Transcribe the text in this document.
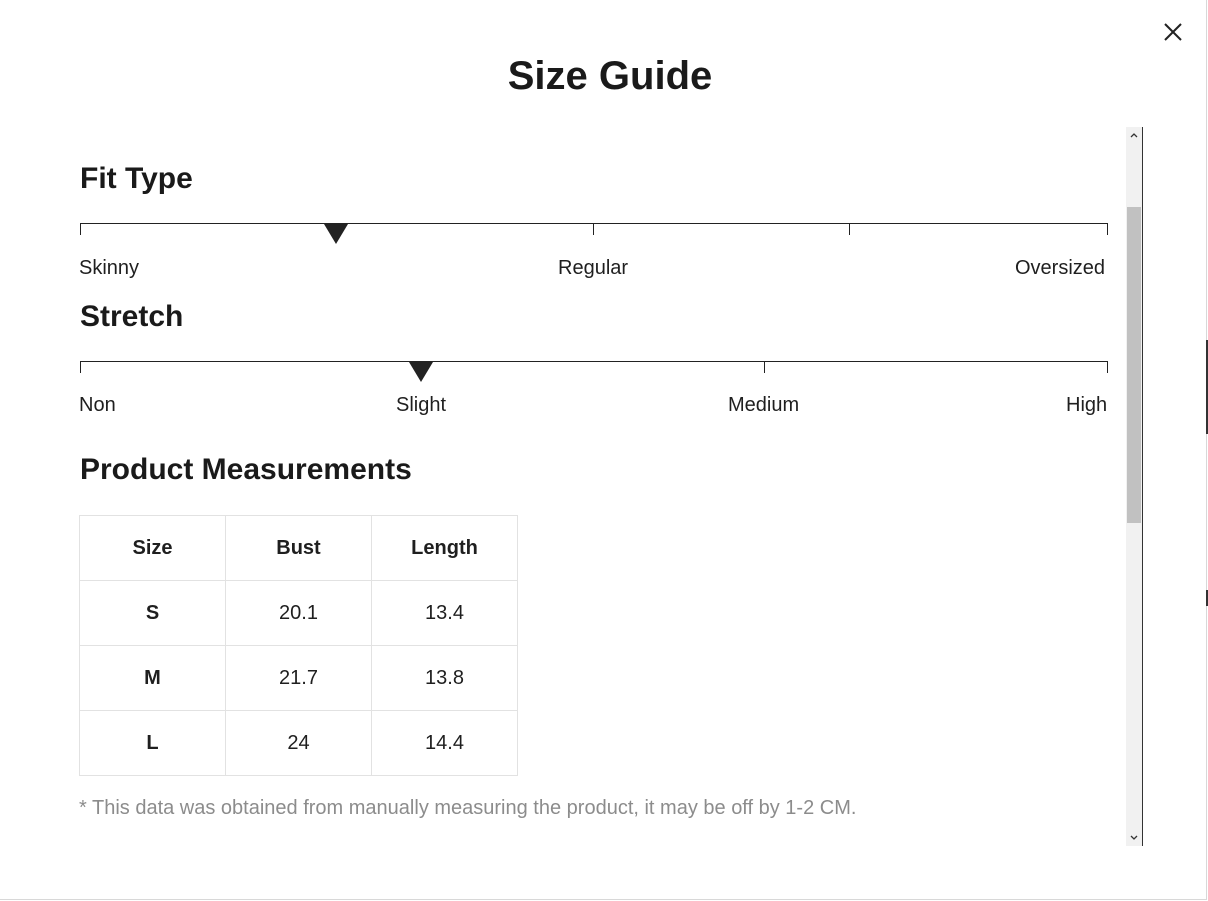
Size Guide
Fit Type
Skinny	Regular	Oversized
Stretch
Non	Slight	Medium	High
Product Measurements
Size	Bust	Length
S	20.1	13.4
M	21.7	13.8
L	24	14.4
* This data was obtained from manually measuring the product, it may be off by 1-2 CM.
